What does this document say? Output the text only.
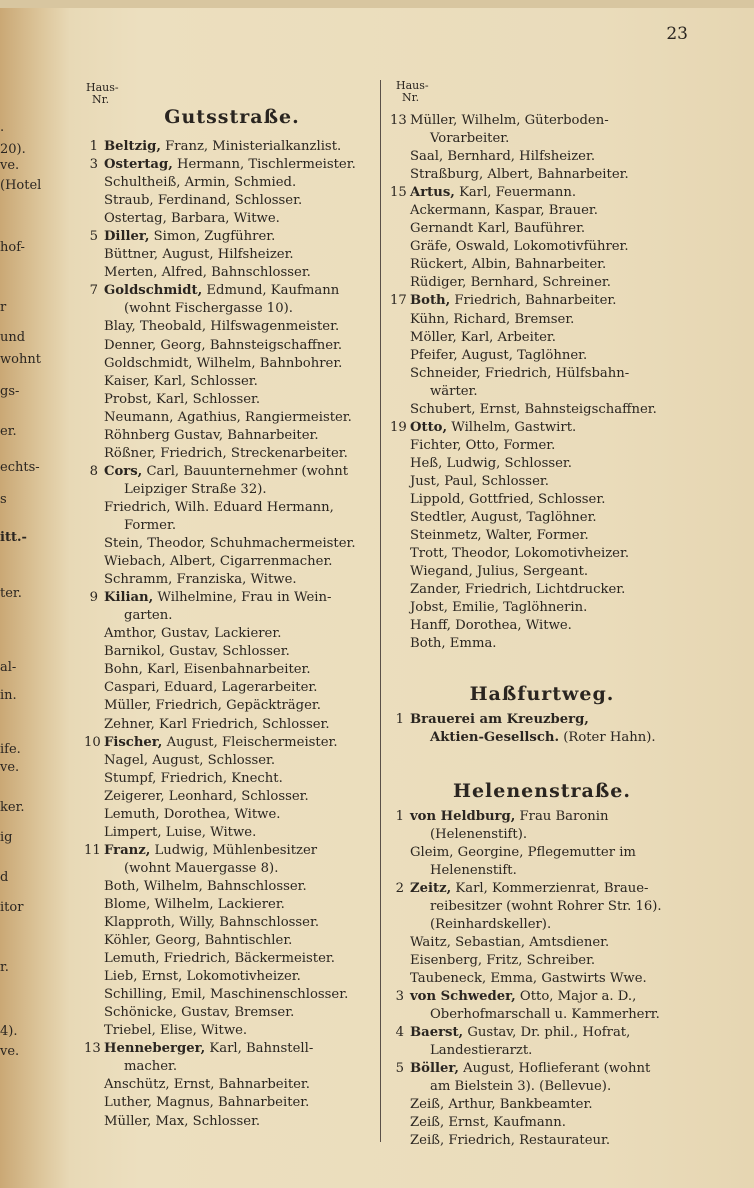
.
20).
ve.
(Hotel
hof-
r
und
wohnt
gs-
er.
echts-
s
itt.-
ter.
al-
in.
ife.
ve.
ker.
ig
d
itor
r.
4).
ve.
23
Haus-
Nr.
Haus-
Nr.
Gutsstraße.
1 Beltzig, Franz, Ministerialkanzlist.
3 Ostertag, Hermann, Tischlermeister.
Schultheiß, Armin, Schmied.
Straub, Ferdinand, Schlosser.
Ostertag, Barbara, Witwe.
5 Diller, Simon, Zugführer.
Büttner, August, Hilfsheizer.
Merten, Alfred, Bahnschlosser.
7 Goldschmidt, Edmund, Kaufmann
(wohnt Fischergasse 10).
Blay, Theobald, Hilfswagenmeister.
Denner, Georg, Bahnsteigschaffner.
Goldschmidt, Wilhelm, Bahnbohrer.
Kaiser, Karl, Schlosser.
Probst, Karl, Schlosser.
Neumann, Agathius, Rangiermeister.
Röhnberg Gustav, Bahnarbeiter.
Rößner, Friedrich, Streckenarbeiter.
8 Cors, Carl, Bauunternehmer (wohnt
Leipziger Straße 32).
Friedrich, Wilh. Eduard Hermann,
Former.
Stein, Theodor, Schuhmachermeister.
Wiebach, Albert, Cigarrenmacher.
Schramm, Franziska, Witwe.
9 Kilian, Wilhelmine, Frau in Wein-
garten.
Amthor, Gustav, Lackierer.
Barnikol, Gustav, Schlosser.
Bohn, Karl, Eisenbahnarbeiter.
Caspari, Eduard, Lagerarbeiter.
Müller, Friedrich, Gepäckträger.
Zehner, Karl Friedrich, Schlosser.
10 Fischer, August, Fleischermeister.
Nagel, August, Schlosser.
Stumpf, Friedrich, Knecht.
Zeigerer, Leonhard, Schlosser.
Lemuth, Dorothea, Witwe.
Limpert, Luise, Witwe.
11 Franz, Ludwig, Mühlenbesitzer
(wohnt Mauergasse 8).
Both, Wilhelm, Bahnschlosser.
Blome, Wilhelm, Lackierer.
Klapproth, Willy, Bahnschlosser.
Köhler, Georg, Bahntischler.
Lemuth, Friedrich, Bäckermeister.
Lieb, Ernst, Lokomotivheizer.
Schilling, Emil, Maschinenschlosser.
Schönicke, Gustav, Bremser.
Triebel, Elise, Witwe.
13 Henneberger, Karl, Bahnstell-
macher.
Anschütz, Ernst, Bahnarbeiter.
Luther, Magnus, Bahnarbeiter.
Müller, Max, Schlosser.
13 Müller, Wilhelm, Güterboden-
Vorarbeiter.
Saal, Bernhard, Hilfsheizer.
Straßburg, Albert, Bahnarbeiter.
15 Artus, Karl, Feuermann.
Ackermann, Kaspar, Brauer.
Gernandt Karl, Bauführer.
Gräfe, Oswald, Lokomotivführer.
Rückert, Albin, Bahnarbeiter.
Rüdiger, Bernhard, Schreiner.
17 Both, Friedrich, Bahnarbeiter.
Kühn, Richard, Bremser.
Möller, Karl, Arbeiter.
Pfeifer, August, Taglöhner.
Schneider, Friedrich, Hülfsbahn-
wärter.
Schubert, Ernst, Bahnsteigschaffner.
19 Otto, Wilhelm, Gastwirt.
Fichter, Otto, Former.
Heß, Ludwig, Schlosser.
Just, Paul, Schlosser.
Lippold, Gottfried, Schlosser.
Stedtler, August, Taglöhner.
Steinmetz, Walter, Former.
Trott, Theodor, Lokomotivheizer.
Wiegand, Julius, Sergeant.
Zander, Friedrich, Lichtdrucker.
Jobst, Emilie, Taglöhnerin.
Hanff, Dorothea, Witwe.
Both, Emma.
Haßfurtweg.
1 Brauerei am Kreuzberg,
Aktien-Gesellsch. (Roter Hahn).
Helenenstraße.
1 von Heldburg, Frau Baronin
(Helenenstift).
Gleim, Georgine, Pflegemutter im
Helenenstift.
2 Zeitz, Karl, Kommerzienrat, Braue-
reibesitzer (wohnt Rohrer Str. 16).
(Reinhardskeller).
Waitz, Sebastian, Amtsdiener.
Eisenberg, Fritz, Schreiber.
Taubeneck, Emma, Gastwirts Wwe.
3 von Schweder, Otto, Major a. D.,
Oberhofmarschall u. Kammerherr.
4 Baerst, Gustav, Dr. phil., Hofrat,
Landestierarzt.
5 Böller, August, Hoflieferant (wohnt
am Bielstein 3). (Bellevue).
Zeiß, Arthur, Bankbeamter.
Zeiß, Ernst, Kaufmann.
Zeiß, Friedrich, Restaurateur.
